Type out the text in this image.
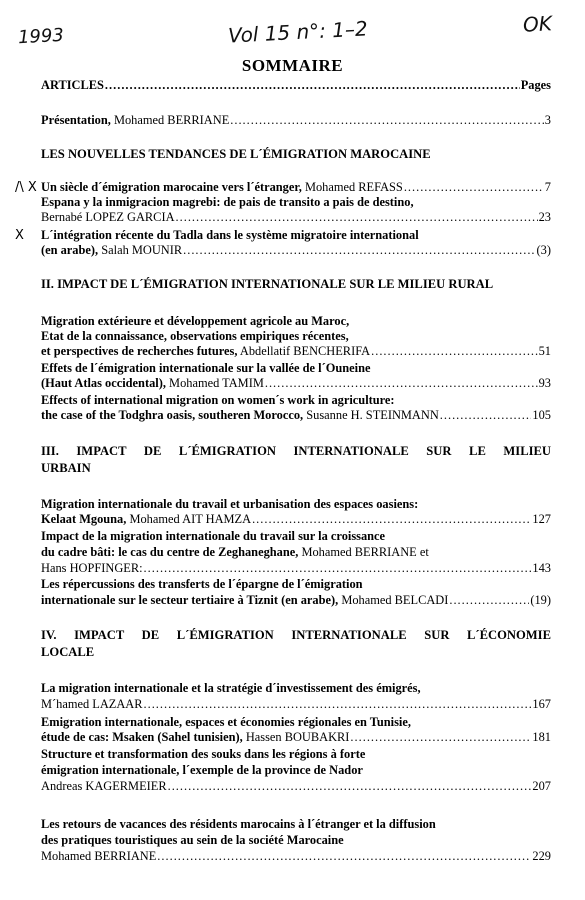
1993	Vol 15 n°: 1–2	OK
SOMMAIRE
ARTICLES .....	Pages
Présentation, Mohamed BERRIANE .....	3
LES NOUVELLES TENDANCES DE L´ÉMIGRATION MAROCAINE
/\ X Un siècle d´émigration marocaine vers l´étranger, Mohamed REFASS .....	7
Espana y la inmigracion magrebi: de pais de transito a pais de destino,
Bernabé LOPEZ GARCIA .....	23
X L´intégration récente du Tadla dans le système migratoire international
(en arabe), Salah MOUNIR .....	(3)
II. IMPACT DE L´ÉMIGRATION INTERNATIONALE SUR LE MILIEU RURAL
Migration extérieure et développement agricole au Maroc,
Etat de la connaissance, observations empiriques récentes,
et perspectives de recherches futures, Abdellatif BENCHERIFA .....	51
Effets de l´émigration internationale sur la vallée de l´Ouneine
(Haut Atlas occidental), Mohamed TAMIM .....	93
Effects of international migration on women´s work in agriculture:
the case of the Todghra oasis, southeren Morocco, Susanne H. STEINMANN .....	105
III. IMPACT DE L´ÉMIGRATION INTERNATIONALE SUR LE MILIEU
URBAIN
Migration internationale du travail et urbanisation des espaces oasiens:
Kelaat Mgouna, Mohamed AIT HAMZA .....	127
Impact de la migration internationale du travail sur la croissance
du cadre bâti: le cas du centre de Zeghaneghane, Mohamed BERRIANE et
Hans HOPFINGER: .....	143
Les répercussions des transferts de l´épargne de l´émigration
internationale sur le secteur tertiaire à Tiznit (en arabe), Mohamed BELCADI .....	(19)
IV. IMPACT DE L´ÉMIGRATION INTERNATIONALE SUR L´ÉCONOMIE
LOCALE
La migration internationale et la stratégie d´investissement des émigrés,
M´hamed LAZAAR .....	167
Emigration internationale, espaces et économies régionales en Tunisie,
étude de cas: Msaken (Sahel tunisien), Hassen BOUBAKRI .....	181
Structure et transformation des souks dans les régions à forte
émigration internationale, l´exemple de la province de Nador
Andreas KAGERMEIER .....	207
Les retours de vacances des résidents marocains à l´étranger et la diffusion
des pratiques touristiques au sein de la société Marocaine
Mohamed BERRIANE .....	229
